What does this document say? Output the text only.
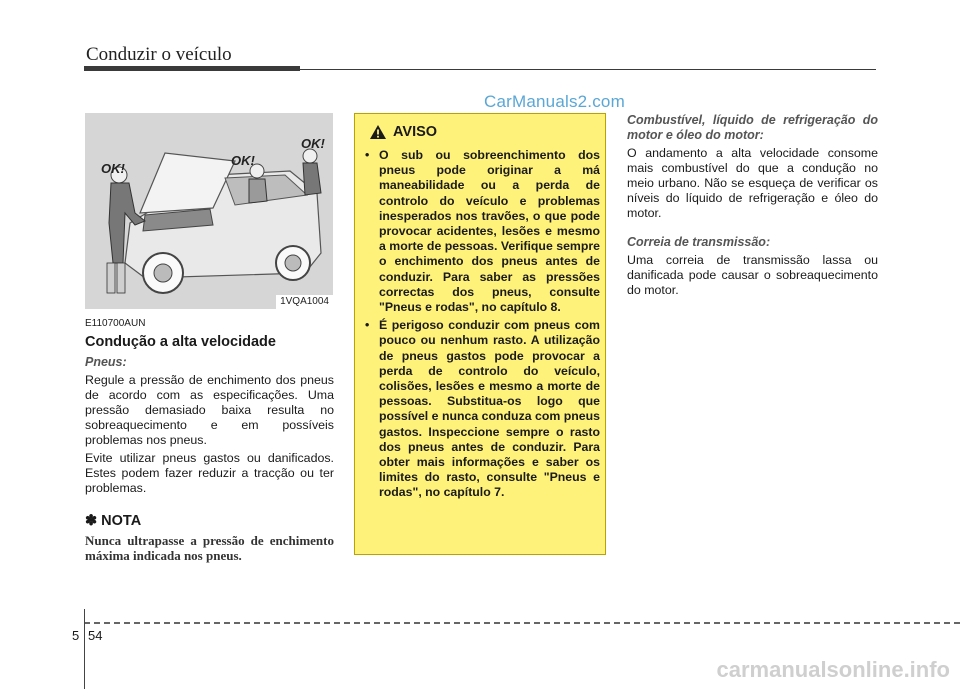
Conduzir o veículo
CarManuals2.com
OK!
OK!
OK!
1VQA1004
E110700AUN
Condução a alta velocidade
Pneus:

Regule a pressão de enchimento dos pneus de acordo com as especificações. Uma pressão demasiado baixa resulta no sobreaquecimento e em possíveis problemas nos pneus.

Evite utilizar pneus gastos ou danificados. Estes podem fazer reduzir a tracção ou ter problemas.

✽ NOTA
Nunca ultrapasse a pressão de enchimento máxima indicada nos pneus.
AVISO
• O sub ou sobreenchimento dos pneus pode originar a má maneabilidade ou a perda de controlo do veículo e problemas inesperados nos travões, o que pode provocar acidentes, lesões e mesmo a morte de pessoas. Verifique sempre o enchimento dos pneus antes de conduzir. Para saber as pressões correctas dos pneus, consulte "Pneus e rodas", no capítulo 8.
• É perigoso conduzir com pneus com pouco ou nenhum rasto. A utilização de pneus gastos pode provocar a perda de controlo do veículo, colisões, lesões e mesmo a morte de pessoas. Substitua-os logo que possível e nunca conduza com pneus gastos. Inspeccione sempre o rasto dos pneus antes de conduzir. Para obter mais informações e saber os limites do rasto, consulte "Pneus e rodas", no capítulo 7.
Combustível, líquido de refrigeração do motor e óleo do motor:

O andamento a alta velocidade consome mais combustível do que a condução no meio urbano. Não se esqueça de verificar os níveis do líquido de refrigeração e óleo do motor.

Correia de transmissão:

Uma correia de transmissão lassa ou danificada pode causar o sobreaquecimento do motor.

5 54
carmanualsonline.info
